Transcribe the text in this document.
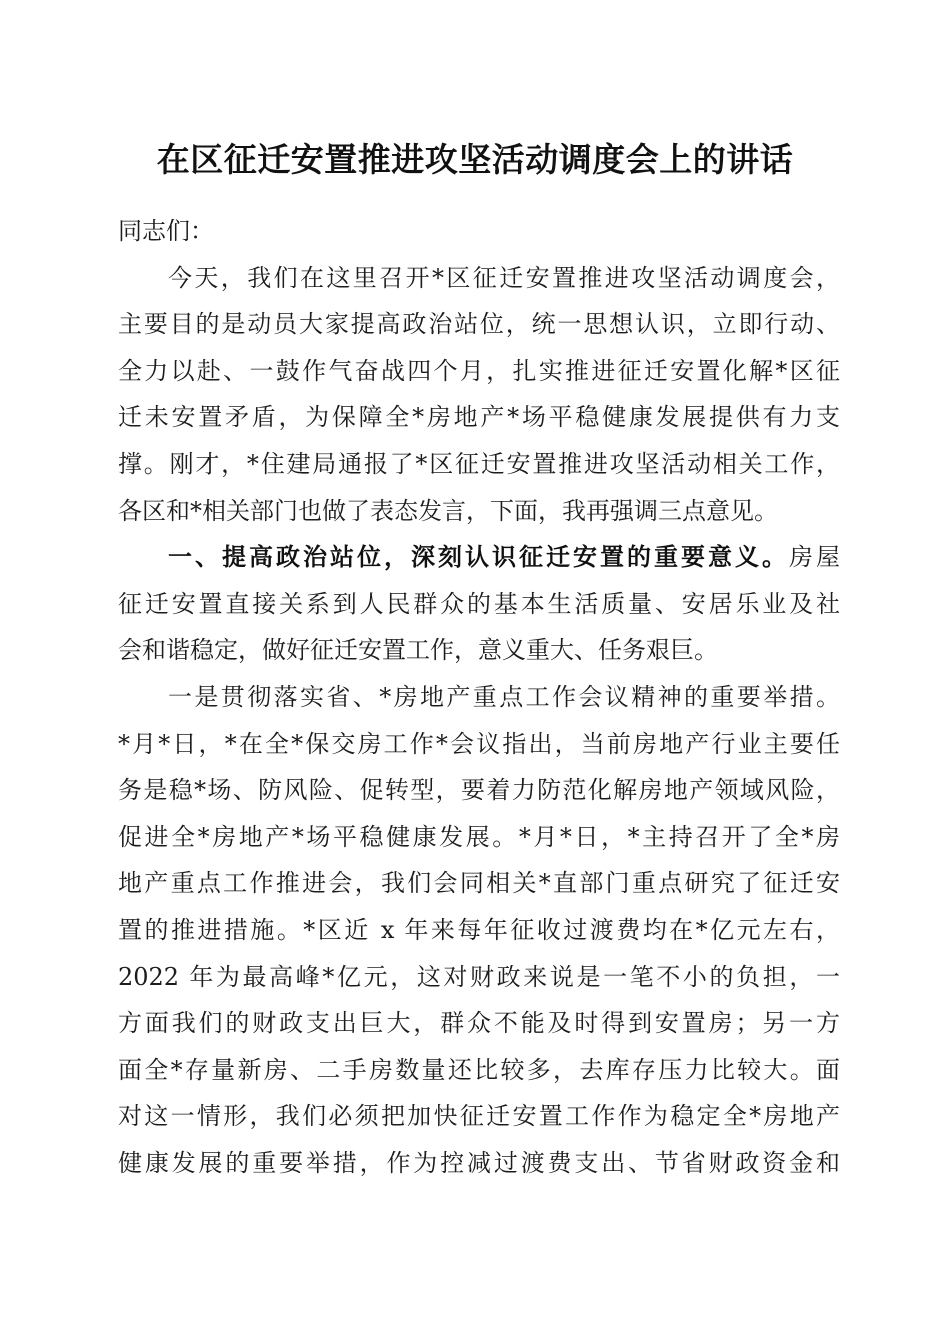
在区征迁安置推进攻坚活动调度会上的讲话
同志们：
今天，我们在这里召开*区征迁安置推进攻坚活动调度会，
主要目的是动员大家提高政治站位，统一思想认识，立即行动、
全力以赴、一鼓作气奋战四个月，扎实推进征迁安置化解*区征
迁未安置矛盾，为保障全*房地产*场平稳健康发展提供有力支
撑。刚才，*住建局通报了*区征迁安置推进攻坚活动相关工作，
各区和*相关部门也做了表态发言，下面，我再强调三点意见。
一、提高政治站位，深刻认识征迁安置的重要意义。房屋
征迁安置直接关系到人民群众的基本生活质量、安居乐业及社
会和谐稳定，做好征迁安置工作，意义重大、任务艰巨。
一是贯彻落实省、*房地产重点工作会议精神的重要举措。
*月*日，*在全*保交房工作*会议指出，当前房地产行业主要任
务是稳*场、防风险、促转型，要着力防范化解房地产领域风险，
促进全*房地产*场平稳健康发展。*月*日，*主持召开了全*房
地产重点工作推进会，我们会同相关*直部门重点研究了征迁安
置的推进措施。*区近 x 年来每年征收过渡费均在*亿元左右，
2022 年为最高峰*亿元，这对财政来说是一笔不小的负担，一
方面我们的财政支出巨大，群众不能及时得到安置房；另一方
面全*存量新房、二手房数量还比较多，去库存压力比较大。面
对这一情形，我们必须把加快征迁安置工作作为稳定全*房地产
健康发展的重要举措，作为控减过渡费支出、节省财政资金和
